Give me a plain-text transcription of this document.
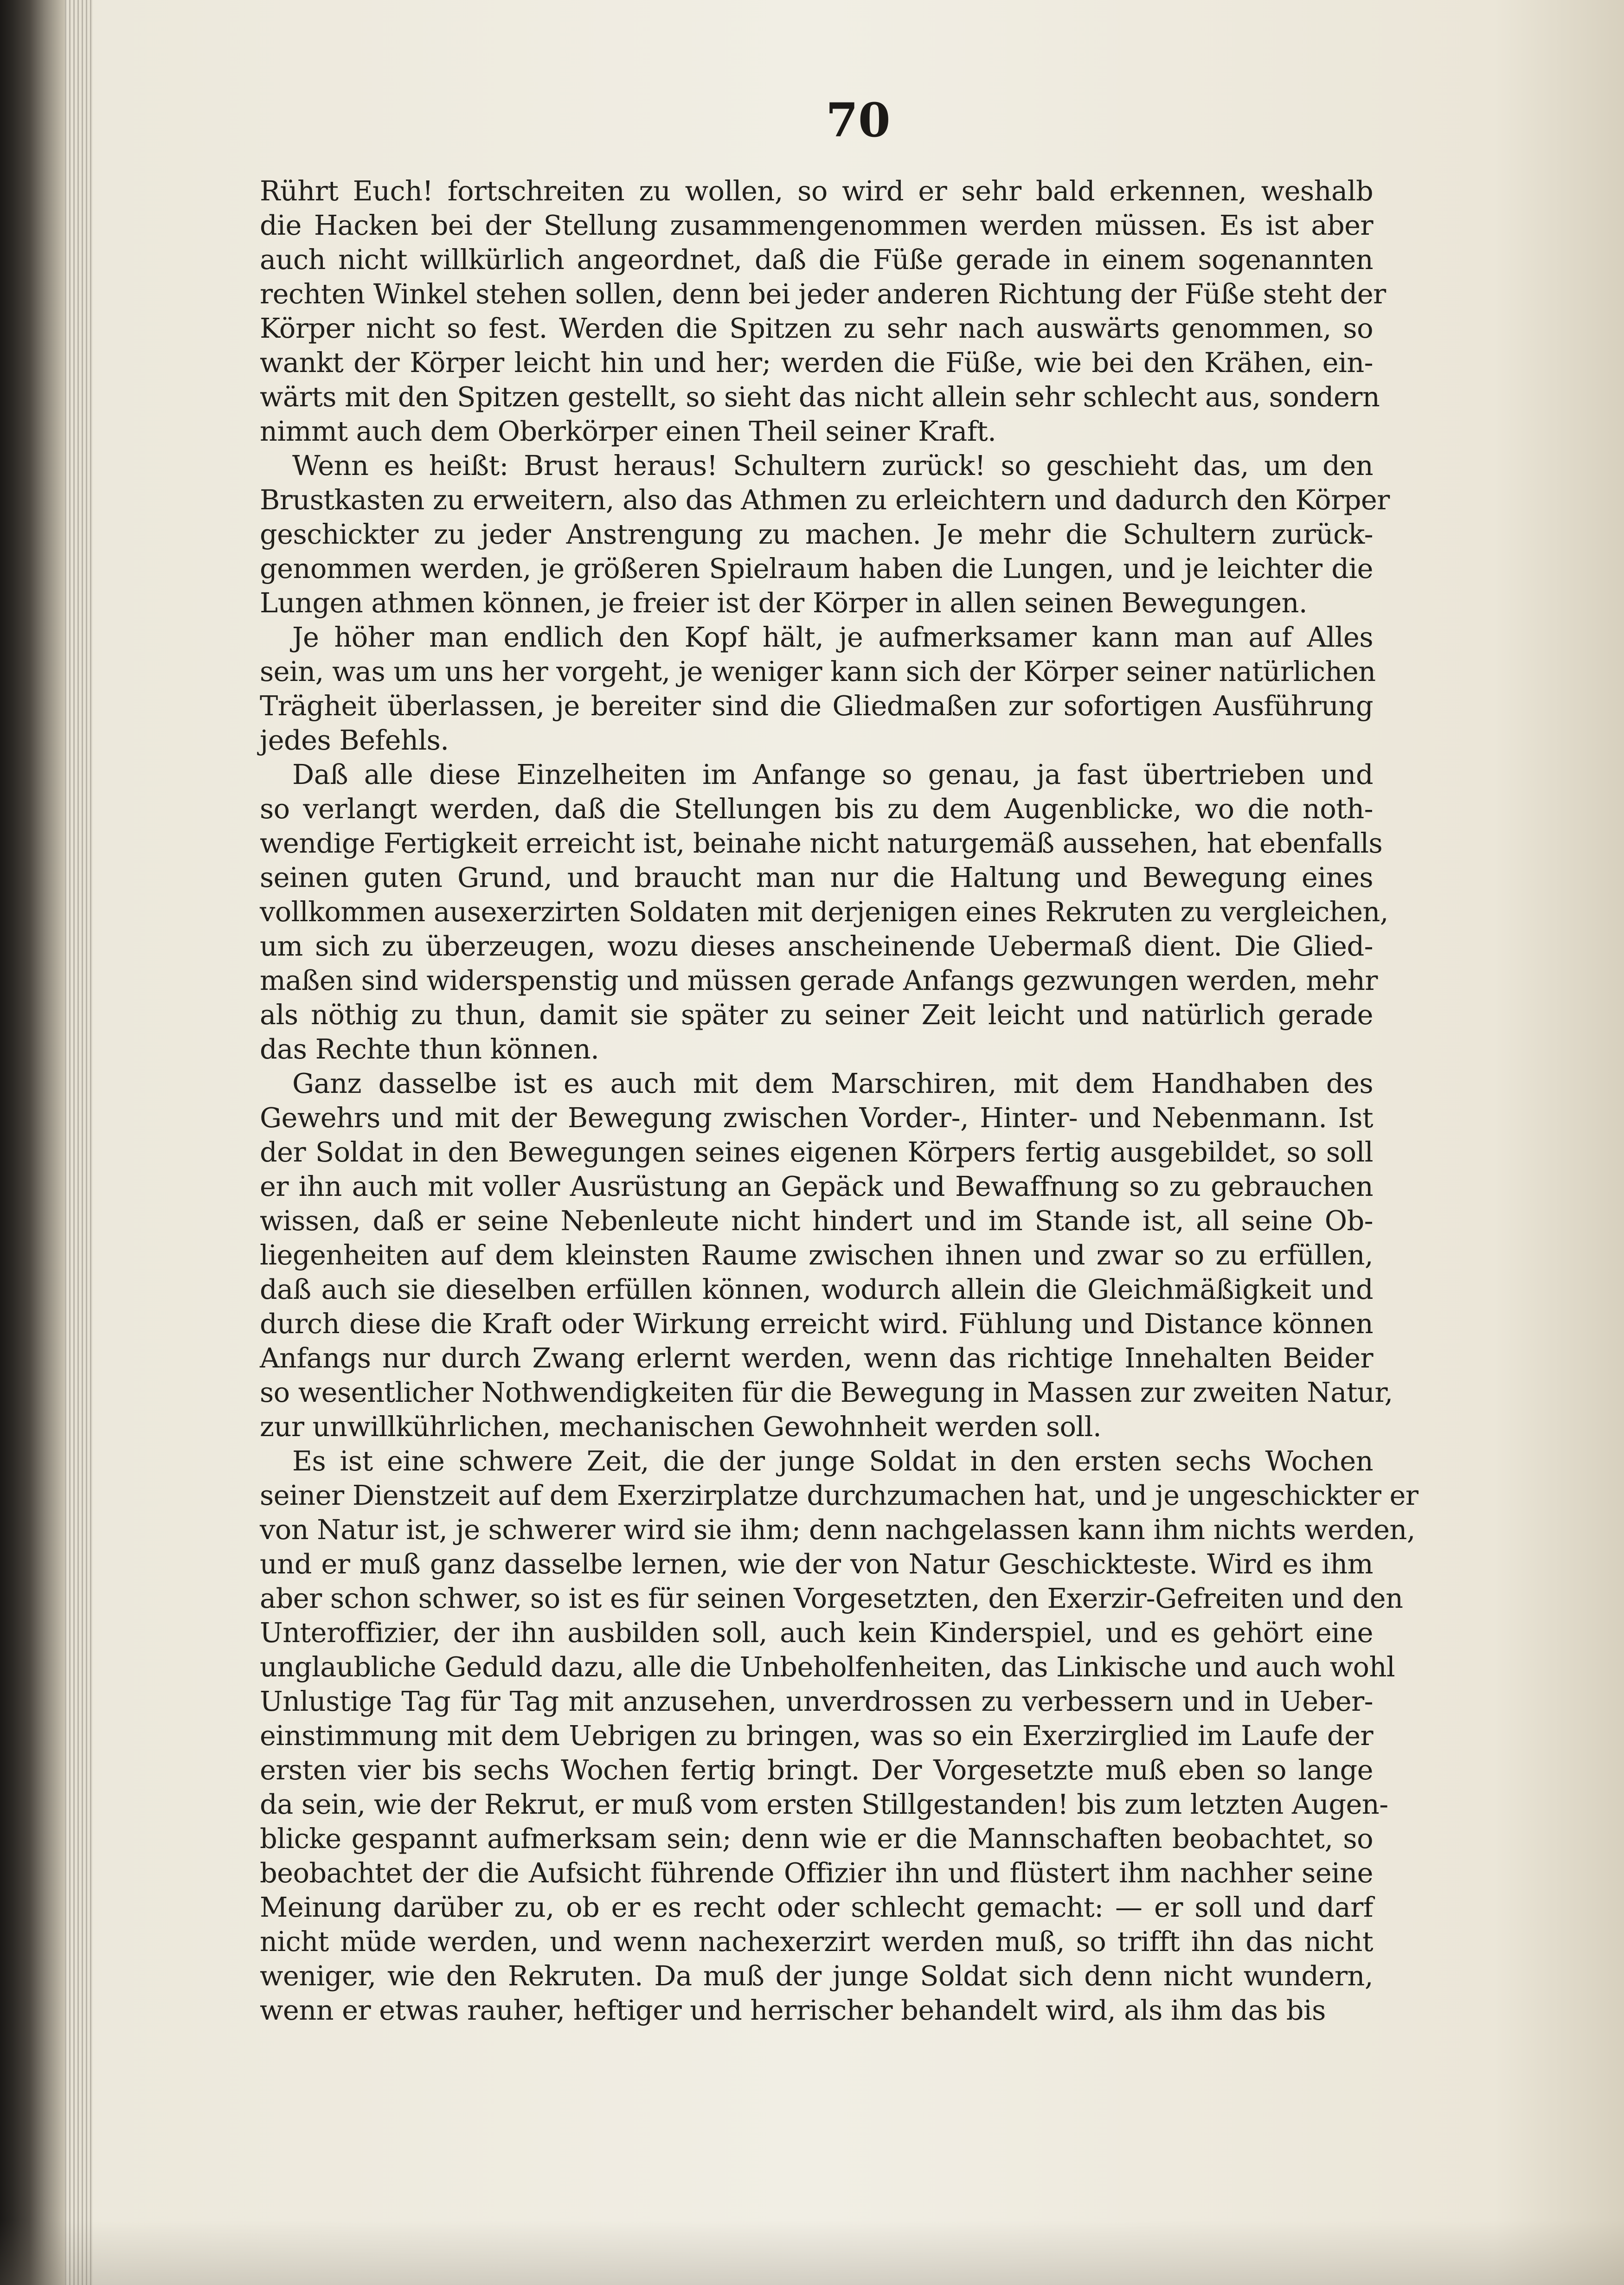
70
Rührt Euch! fortschreiten zu wollen, so wird er sehr bald erkennen, weshalb
die Hacken bei der Stellung zusammengenommen werden müssen. Es ist aber
auch nicht willkürlich angeordnet, daß die Füße gerade in einem sogenannten
rechten Winkel stehen sollen, denn bei jeder anderen Richtung der Füße steht der
Körper nicht so fest. Werden die Spitzen zu sehr nach auswärts genommen, so
wankt der Körper leicht hin und her; werden die Füße, wie bei den Krähen, ein-
wärts mit den Spitzen gestellt, so sieht das nicht allein sehr schlecht aus, sondern
nimmt auch dem Oberkörper einen Theil seiner Kraft.
Wenn es heißt: Brust heraus! Schultern zurück! so geschieht das, um den
Brustkasten zu erweitern, also das Athmen zu erleichtern und dadurch den Körper
geschickter zu jeder Anstrengung zu machen. Je mehr die Schultern zurück-
genommen werden, je größeren Spielraum haben die Lungen, und je leichter die
Lungen athmen können, je freier ist der Körper in allen seinen Bewegungen.
Je höher man endlich den Kopf hält, je aufmerksamer kann man auf Alles
sein, was um uns her vorgeht, je weniger kann sich der Körper seiner natürlichen
Trägheit überlassen, je bereiter sind die Gliedmaßen zur sofortigen Ausführung
jedes Befehls.
Daß alle diese Einzelheiten im Anfange so genau, ja fast übertrieben und
so verlangt werden, daß die Stellungen bis zu dem Augenblicke, wo die noth-
wendige Fertigkeit erreicht ist, beinahe nicht naturgemäß aussehen, hat ebenfalls
seinen guten Grund, und braucht man nur die Haltung und Bewegung eines
vollkommen ausexerzirten Soldaten mit derjenigen eines Rekruten zu vergleichen,
um sich zu überzeugen, wozu dieses anscheinende Uebermaß dient. Die Glied-
maßen sind widerspenstig und müssen gerade Anfangs gezwungen werden, mehr
als nöthig zu thun, damit sie später zu seiner Zeit leicht und natürlich gerade
das Rechte thun können.
Ganz dasselbe ist es auch mit dem Marschiren, mit dem Handhaben des
Gewehrs und mit der Bewegung zwischen Vorder-, Hinter- und Nebenmann. Ist
der Soldat in den Bewegungen seines eigenen Körpers fertig ausgebildet, so soll
er ihn auch mit voller Ausrüstung an Gepäck und Bewaffnung so zu gebrauchen
wissen, daß er seine Nebenleute nicht hindert und im Stande ist, all seine Ob-
liegenheiten auf dem kleinsten Raume zwischen ihnen und zwar so zu erfüllen,
daß auch sie dieselben erfüllen können, wodurch allein die Gleichmäßigkeit und
durch diese die Kraft oder Wirkung erreicht wird. Fühlung und Distance können
Anfangs nur durch Zwang erlernt werden, wenn das richtige Innehalten Beider
so wesentlicher Nothwendigkeiten für die Bewegung in Massen zur zweiten Natur,
zur unwillkührlichen, mechanischen Gewohnheit werden soll.
Es ist eine schwere Zeit, die der junge Soldat in den ersten sechs Wochen
seiner Dienstzeit auf dem Exerzirplatze durchzumachen hat, und je ungeschickter er
von Natur ist, je schwerer wird sie ihm; denn nachgelassen kann ihm nichts werden,
und er muß ganz dasselbe lernen, wie der von Natur Geschickteste. Wird es ihm
aber schon schwer, so ist es für seinen Vorgesetzten, den Exerzir-Gefreiten und den
Unteroffizier, der ihn ausbilden soll, auch kein Kinderspiel, und es gehört eine
unglaubliche Geduld dazu, alle die Unbeholfenheiten, das Linkische und auch wohl
Unlustige Tag für Tag mit anzusehen, unverdrossen zu verbessern und in Ueber-
einstimmung mit dem Uebrigen zu bringen, was so ein Exerzirglied im Laufe der
ersten vier bis sechs Wochen fertig bringt. Der Vorgesetzte muß eben so lange
da sein, wie der Rekrut, er muß vom ersten Stillgestanden! bis zum letzten Augen-
blicke gespannt aufmerksam sein; denn wie er die Mannschaften beobachtet, so
beobachtet der die Aufsicht führende Offizier ihn und flüstert ihm nachher seine
Meinung darüber zu, ob er es recht oder schlecht gemacht: — er soll und darf
nicht müde werden, und wenn nachexerzirt werden muß, so trifft ihn das nicht
weniger, wie den Rekruten. Da muß der junge Soldat sich denn nicht wundern,
wenn er etwas rauher, heftiger und herrischer behandelt wird, als ihm das bis
